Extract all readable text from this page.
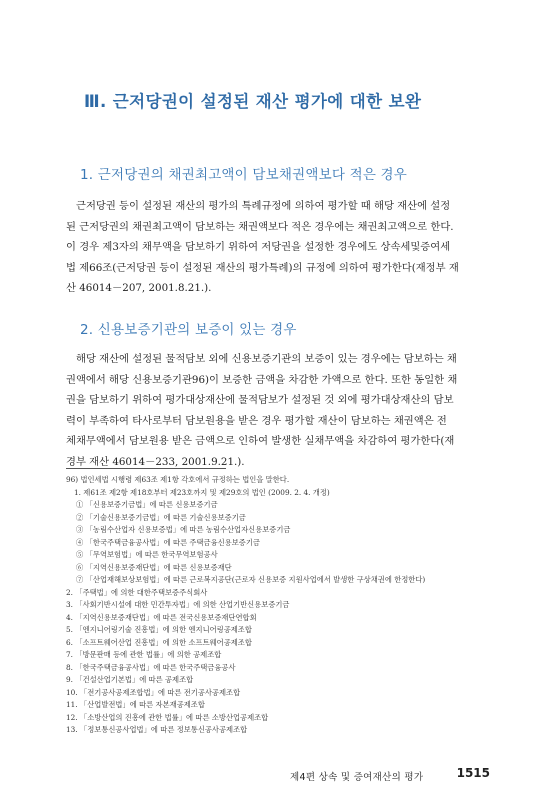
Ⅲ. 근저당권이 설정된 재산 평가에 대한 보완
1. 근저당권의 채권최고액이 담보채권액보다 적은 경우
근저당권 등이 설정된 재산의 평가의 특례규정에 의하여 평가할 때 해당 재산에 설정
된 근저당권의 채권최고액이 담보하는 채권액보다 적은 경우에는 채권최고액으로 한다.
이 경우 제3자의 채무액을 담보하기 위하여 저당권을 설정한 경우에도 상속세및증여세
법 제66조(근저당권 등이 설정된 재산의 평가특례)의 규정에 의하여 평가한다(재정부 재
산 46014－207, 2001.8.21.).
2. 신용보증기관의 보증이 있는 경우
해당 재산에 설정된 물적담보 외에 신용보증기관의 보증이 있는 경우에는 담보하는 채
권액에서 해당 신용보증기관96)이 보증한 금액을 차감한 가액으로 한다. 또한 동일한 채
권을 담보하기 위하여 평가대상재산에 물적담보가 설정된 것 외에 평가대상재산의 담보
력이 부족하여 타사로부터 담보원용을 받은 경우 평가할 재산이 담보하는 채권액은 전
체채무액에서 담보원용 받은 금액으로 인하여 발생한 실채무액을 차감하여 평가한다(재
경부 재산 46014－233, 2001.9.21.).
96) 법인세법 시행령 제63조 제1항 각호에서 규정하는 법인을 말한다.
1. 제61조 제2항 제18호부터 제23호까지 및 제29호의 법인 (2009. 2. 4. 개정)
① 「신용보증기금법」에 따른 신용보증기금
② 「기술신용보증기금법」에 따른 기술신용보증기금
③ 「농림수산업자 신용보증법」에 따른 농림수산업자신용보증기금
④ 「한국주택금융공사법」에 따른 주택금융신용보증기금
⑤ 「무역보험법」에 따른 한국무역보험공사
⑥ 「지역신용보증재단법」에 따른 신용보증재단
⑦ 「산업재해보상보험법」에 따른 근로복지공단(근로자 신용보증 지원사업에서 발생한 구상채권에 한정한다)
2. 「주택법」에 의한 대한주택보증주식회사
3. 「사회기반시설에 대한 민간투자법」에 의한 산업기반신용보증기금
4. 「지역신용보증재단법」에 따른 전국신용보증재단연합회
5. 「엔지니어링기술 진흥법」에 의한 엔지니어링공제조합
6. 「소프트웨어산업 진흥법」에 의한 소프트웨어공제조합
7. 「방문판매 등에 관한 법률」에 의한 공제조합
8. 「한국주택금융공사법」에 따른 한국주택금융공사
9. 「건설산업기본법」에 따른 공제조합
10. 「전기공사공제조합법」에 따른 전기공사공제조합
11. 「산업발전법」에 따른 자본재공제조합
12. 「소방산업의 진흥에 관한 법률」에 따른 소방산업공제조합
13. 「정보통신공사업법」에 따른 정보통신공사공제조합
제4편 상속 및 증여재산의 평가	1515
